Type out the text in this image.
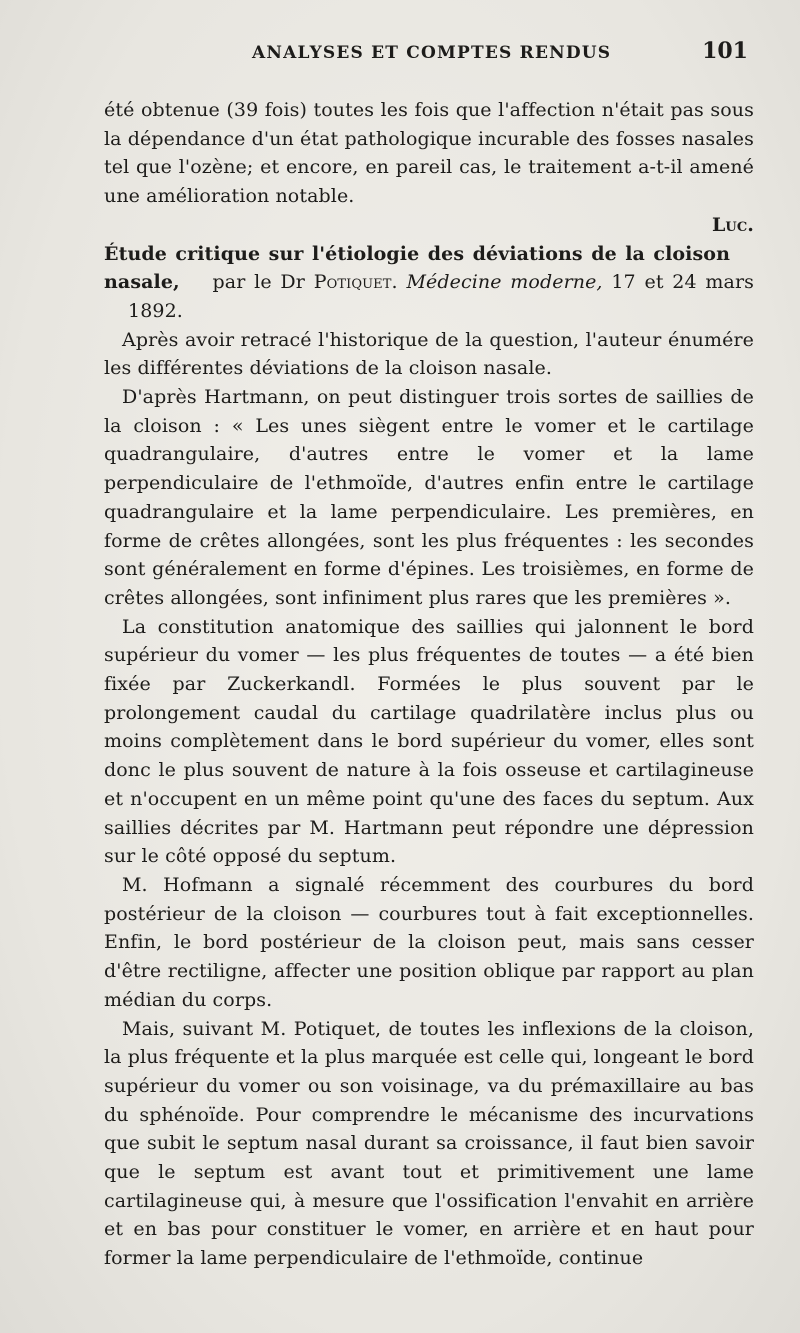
ANALYSES ET COMPTES RENDUS	101

été obtenue (39 fois) toutes les fois que l'affection n'était pas sous la dépendance d'un état pathologique incurable des fosses nasales tel que l'ozène; et encore, en pareil cas, le traitement a-t-il amené une amélioration notable.

Luc.

Étude critique sur l'étiologie des déviations de la cloison nasale, par le Dr Potiquet. Médecine moderne, 17 et 24 mars 1892.

Après avoir retracé l'historique de la question, l'auteur énumére les différentes déviations de la cloison nasale.

D'après Hartmann, on peut distinguer trois sortes de saillies de la cloison : « Les unes siègent entre le vomer et le cartilage quadrangulaire, d'autres entre le vomer et la lame perpendiculaire de l'ethmoïde, d'autres enfin entre le cartilage quadrangulaire et la lame perpendiculaire. Les premières, en forme de crêtes allongées, sont les plus fréquentes : les secondes sont généralement en forme d'épines. Les troisièmes, en forme de crêtes allongées, sont infiniment plus rares que les premières ».

La constitution anatomique des saillies qui jalonnent le bord supérieur du vomer — les plus fréquentes de toutes — a été bien fixée par Zuckerkandl. Formées le plus souvent par le prolongement caudal du cartilage quadrilatère inclus plus ou moins complètement dans le bord supérieur du vomer, elles sont donc le plus souvent de nature à la fois osseuse et cartilagineuse et n'occupent en un même point qu'une des faces du septum. Aux saillies décrites par M. Hartmann peut répondre une dépression sur le côté opposé du septum.

M. Hofmann a signalé récemment des courbures du bord postérieur de la cloison — courbures tout à fait exceptionnelles. Enfin, le bord postérieur de la cloison peut, mais sans cesser d'être rectiligne, affecter une position oblique par rapport au plan médian du corps.

Mais, suivant M. Potiquet, de toutes les inflexions de la cloison, la plus fréquente et la plus marquée est celle qui, longeant le bord supérieur du vomer ou son voisinage, va du prémaxillaire au bas du sphénoïde. Pour comprendre le mécanisme des incurvations que subit le septum nasal durant sa croissance, il faut bien savoir que le septum est avant tout et primitivement une lame cartilagineuse qui, à mesure que l'ossification l'envahit en arrière et en bas pour constituer le vomer, en arrière et en haut pour former la lame perpendiculaire de l'ethmoïde, continue
